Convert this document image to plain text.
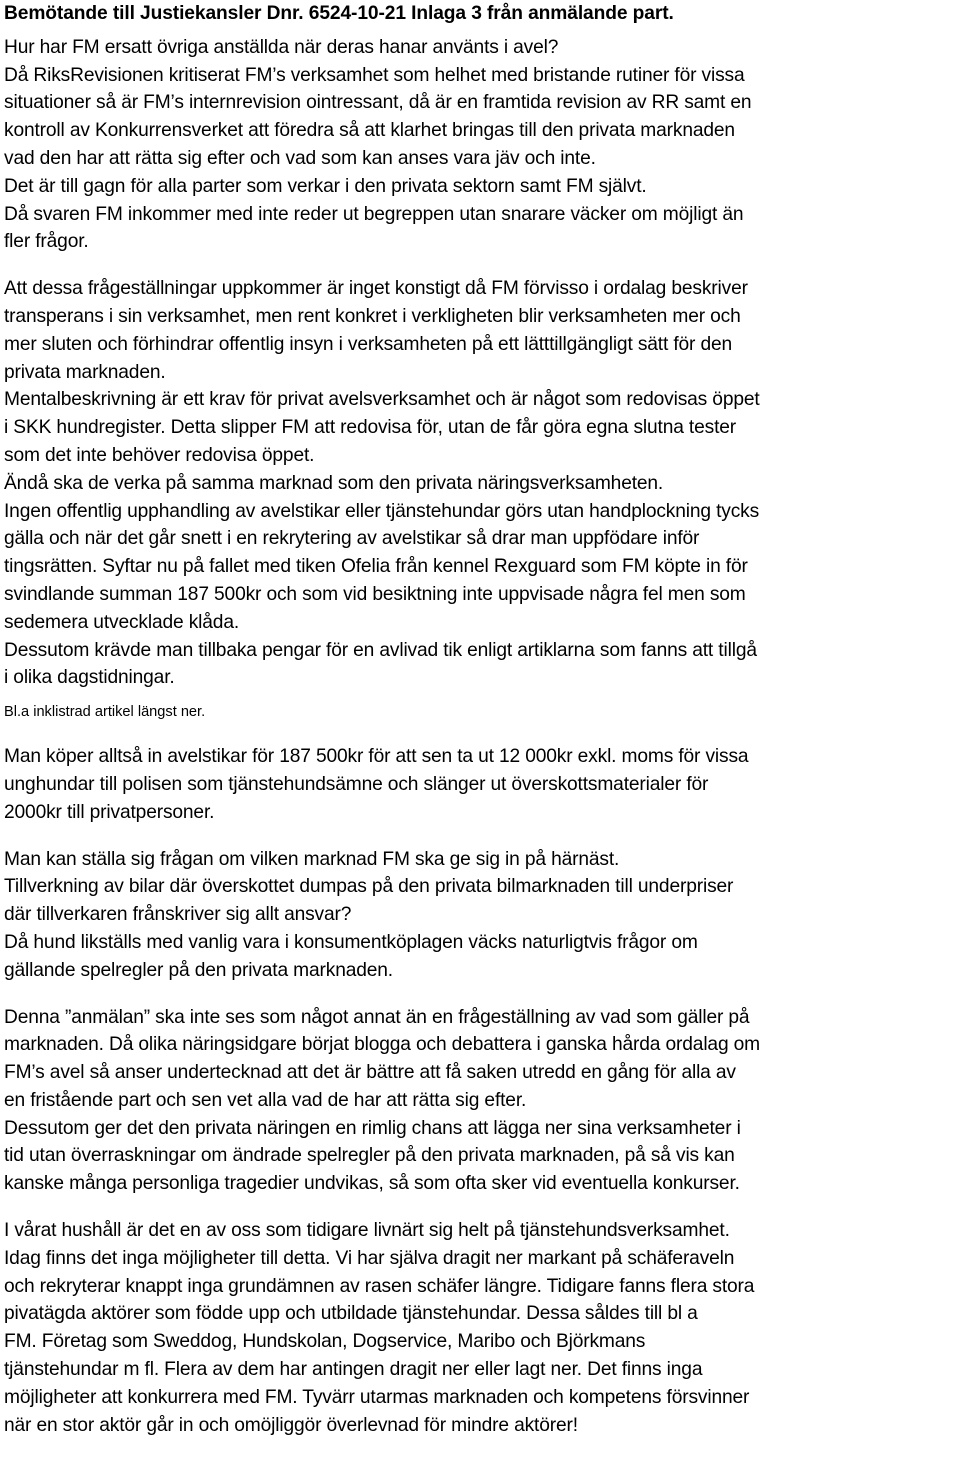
Bemötande till Justiekansler Dnr. 6524-10-21 Inlaga 3 från anmälande part.

Hur har FM ersatt övriga anställda när deras hanar använts i avel?
Då RiksRevisionen kritiserat FM’s verksamhet som helhet med bristande rutiner för vissa
situationer så är FM’s internrevision ointressant, då är en framtida revision av RR samt en
kontroll av Konkurrensverket att föredra så att klarhet bringas till den privata marknaden
vad den har att rätta sig efter och vad som kan anses vara jäv och inte.
Det är till gagn för alla parter som verkar i den privata sektorn samt FM självt.
Då svaren FM inkommer med inte reder ut begreppen utan snarare väcker om möjligt än
fler frågor.
Att dessa frågeställningar uppkommer är inget konstigt då FM förvisso i ordalag beskriver
transperans i sin verksamhet, men rent konkret i verkligheten blir verksamheten mer och
mer sluten och förhindrar offentlig insyn i verksamheten på ett lätttillgängligt sätt för den
privata marknaden.
Mentalbeskrivning är ett krav för privat avelsverksamhet och är något som redovisas öppet
i SKK hundregister. Detta slipper FM att redovisa för, utan de får göra egna slutna tester
som det inte behöver redovisa öppet.
Ändå ska de verka på samma marknad som den privata näringsverksamheten.
Ingen offentlig upphandling av avelstikar eller tjänstehundar görs utan handplockning tycks
gälla och när det går snett i en rekrytering av avelstikar så drar man uppfödare inför
tingsrätten. Syftar nu på fallet med tiken Ofelia från kennel Rexguard som FM köpte in för
svindlande summan 187 500kr och som vid besiktning inte uppvisade några fel men som
sedemera utvecklade klåda.
Dessutom krävde man tillbaka pengar för en avlivad tik enligt artiklarna som fanns att tillgå
i olika dagstidningar.
Bl.a inklistrad artikel längst ner.
Man köper alltså in avelstikar för 187 500kr för att sen ta ut 12 000kr exkl. moms för vissa
unghundar till polisen som tjänstehundsämne och slänger ut överskottsmaterialer för
2000kr till privatpersoner.
Man kan ställa sig frågan om vilken marknad FM ska ge sig in på härnäst.
Tillverkning av bilar där överskottet dumpas på den privata bilmarknaden till underpriser
där tillverkaren frånskriver sig allt ansvar?
Då hund likställs med vanlig vara i konsumentköplagen väcks naturligtvis frågor om
gällande spelregler på den privata marknaden.
Denna ”anmälan” ska inte ses som något annat än en frågeställning av vad som gäller på
marknaden. Då olika näringsidgare börjat blogga och debattera i ganska hårda ordalag om
FM’s avel så anser undertecknad att det är bättre att få saken utredd en gång för alla av
en fristående part och sen vet alla vad de har att rätta sig efter.
Dessutom ger det den privata näringen en rimlig chans att lägga ner sina verksamheter i
tid utan överraskningar om ändrade spelregler på den privata marknaden, på så vis kan
kanske många personliga tragedier undvikas, så som ofta sker vid eventuella konkurser.
I vårat hushåll är det en av oss som tidigare livnärt sig helt på tjänstehundsverksamhet.
Idag finns det inga möjligheter till detta. Vi har själva dragit ner markant på schäferaveln
och rekryterar knappt inga grundämnen av rasen schäfer längre. Tidigare fanns flera stora
pivatägda aktörer som födde upp och utbildade tjänstehundar. Dessa såldes till bl a
FM. Företag som Sweddog, Hundskolan, Dogservice, Maribo och Björkmans
tjänstehundar m fl. Flera av dem har antingen dragit ner eller lagt ner. Det finns inga
möjligheter att konkurrera med FM. Tyvärr utarmas marknaden och kompetens försvinner
när en stor aktör går in och omöjliggör överlevnad för mindre aktörer!
